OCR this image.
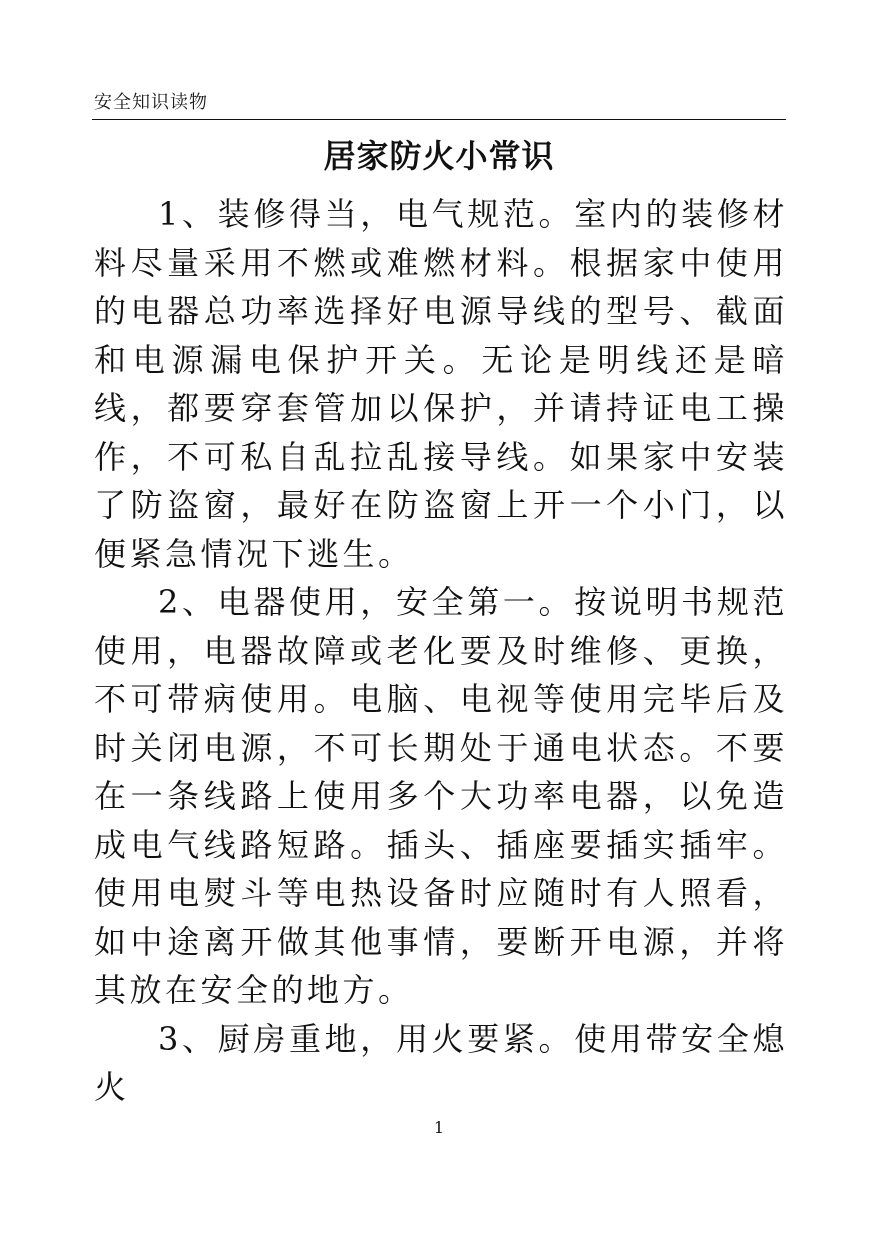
安全知识读物
居家防火小常识

1、装修得当，电气规范。室内的装修材料尽量采用不燃或难燃材料。根据家中使用的电器总功率选择好电源导线的型号、截面和电源漏电保护开关。无论是明线还是暗线，都要穿套管加以保护，并请持证电工操作，不可私自乱拉乱接导线。如果家中安装了防盗窗，最好在防盗窗上开一个小门，以便紧急情况下逃生。

2、电器使用，安全第一。按说明书规范使用，电器故障或老化要及时维修、更换，不可带病使用。电脑、电视等使用完毕后及时关闭电源，不可长期处于通电状态。不要在一条线路上使用多个大功率电器，以免造成电气线路短路。插头、插座要插实插牢。使用电熨斗等电热设备时应随时有人照看，如中途离开做其他事情，要断开电源，并将其放在安全的地方。

3、厨房重地，用火要紧。使用带安全熄火

1
